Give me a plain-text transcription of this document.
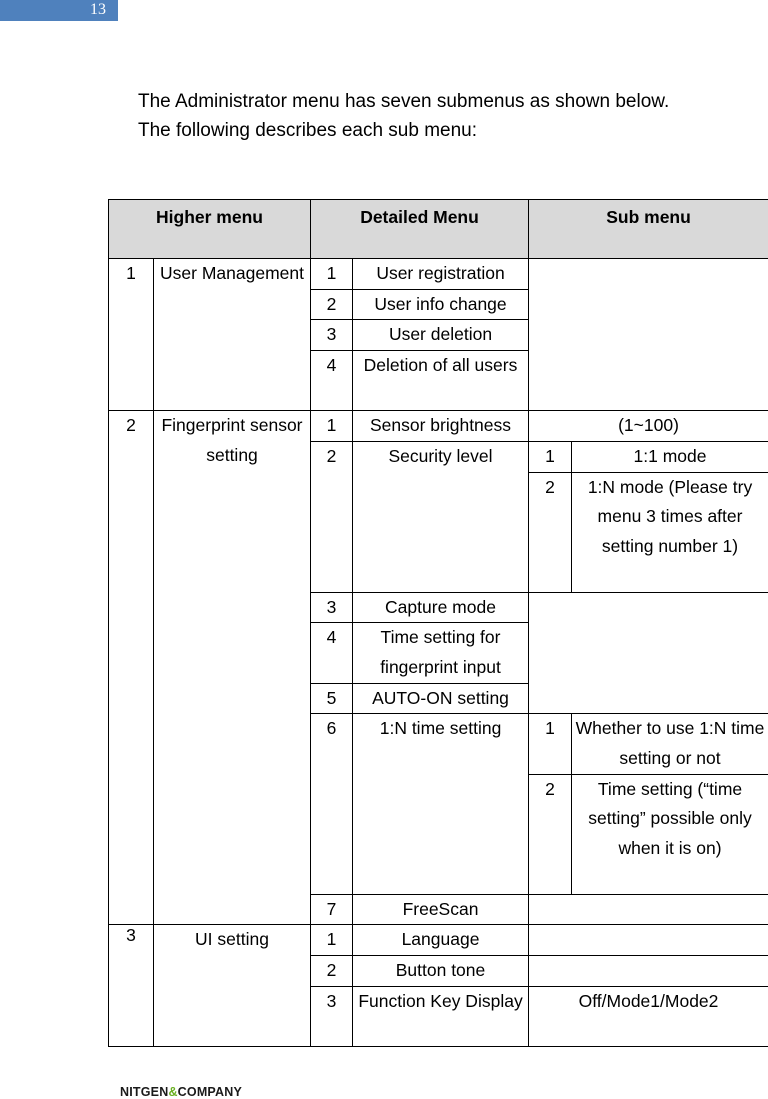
13
The Administrator menu has seven submenus as shown below.
The following describes each sub menu:
Higher menu		Detailed Menu		Sub menu	
1	User Management	1	User registration		
		2	User info change		
		3	User deletion		
		4	Deletion of all users		

2	Fingerprint sensor setting	1	Sensor brightness	(1~100)	
		2	Security level	1	1:1 mode
				2	1:N mode (Please try menu 3 times after setting number 1)

		3	Capture mode		
		4	Time setting for fingerprint input		

		5	AUTO-ON setting		
		6	1:N time setting	1	Whether to use 1:N time setting or not

				2	Time setting (“time setting” possible only when it is on)

		7	FreeScan		
3	UI setting	1	Language		
		2	Button tone		
		3	Function Key Display	Off/Mode1/Mode2	

NITGEN&COMPANY
